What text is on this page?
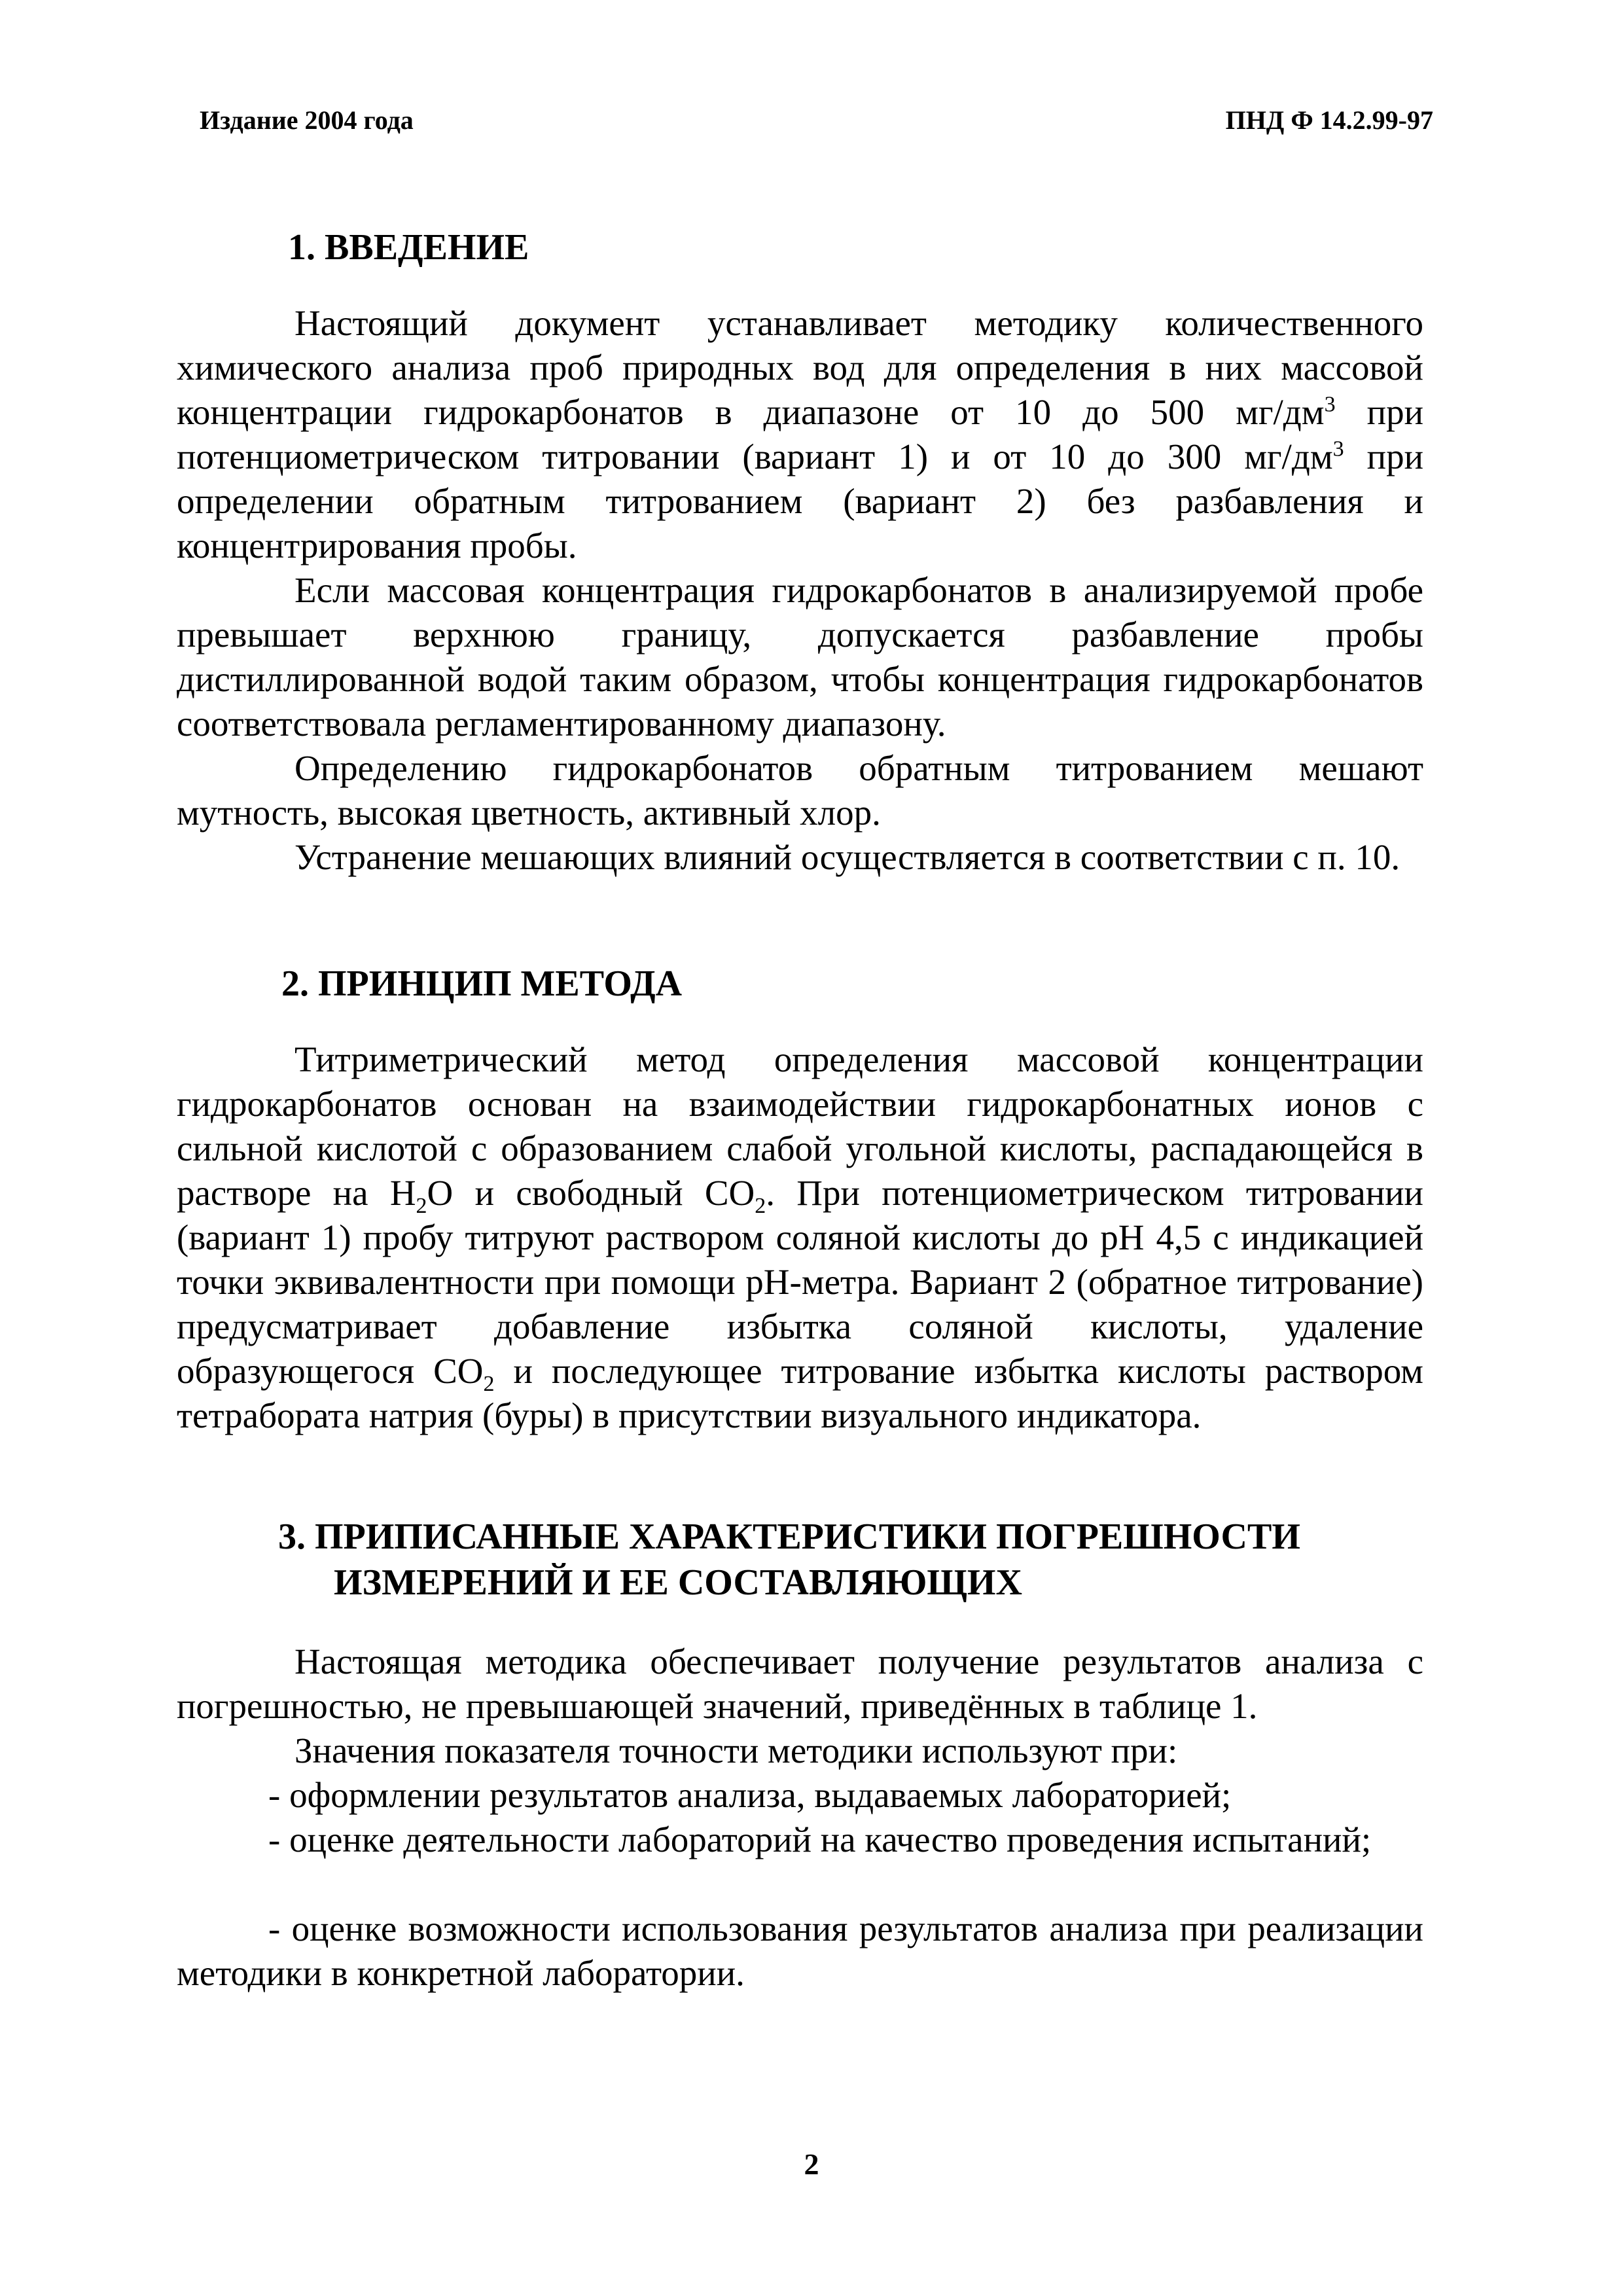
Издание 2004 года	ПНД Ф 14.2.99-97
1. ВВЕДЕНИЕ

Настоящий документ устанавливает методику количественного химического анализа проб природных вод для определения в них массовой концентрации гидрокарбонатов в диапазоне от 10 до 500 $мг/дм^3$ при потенциометрическом титровании (вариант 1) и от 10 до 300 $мг/дм^3$ при определении обратным титрованием (вариант 2) без разбавления и концентрирования пробы.

Если массовая концентрация гидрокарбонатов в анализируемой пробе превышает верхнюю границу, допускается разбавление пробы дистиллированной водой таким образом, чтобы концентрация гидрокарбонатов соответствовала регламентированному диапазону.

Определению гидрокарбонатов обратным титрованием мешают мутность, высокая цветность, активный хлор.

Устранение мешающих влияний осуществляется в соответствии с п. 10.

2. ПРИНЦИП МЕТОДА

Титриметрический метод определения массовой концентрации гидрокарбонатов основан на взаимодействии гидрокарбонатных ионов с сильной кислотой с образованием слабой угольной кислоты, распадающейся в растворе на $H_2O$ и свободный $CO_2$. При потенциометрическом титровании (вариант 1) пробу титруют раствором соляной кислоты до pH 4,5 с индикацией точки эквивалентности при помощи pH-метра. Вариант 2 (обратное титрование) предусматривает добавление избытка соляной кислоты, удаление образующегося $CO_2$ и последующее титрование избытка кислоты раствором тетрабората натрия (буры) в присутствии визуального индикатора.

3. ПРИПИСАННЫЕ ХАРАКТЕРИСТИКИ ПОГРЕШНОСТИ
ИЗМЕРЕНИЙ И ЕЕ СОСТАВЛЯЮЩИХ

Настоящая методика обеспечивает получение результатов анализа с погрешностью, не превышающей значений, приведённых в таблице 1.

Значения показателя точности методики используют при:

- оформлении результатов анализа, выдаваемых лабораторией;

- оценке деятельности лабораторий на качество проведения испытаний;

- оценке возможности использования результатов анализа при реализации методики в конкретной лаборатории.

2
